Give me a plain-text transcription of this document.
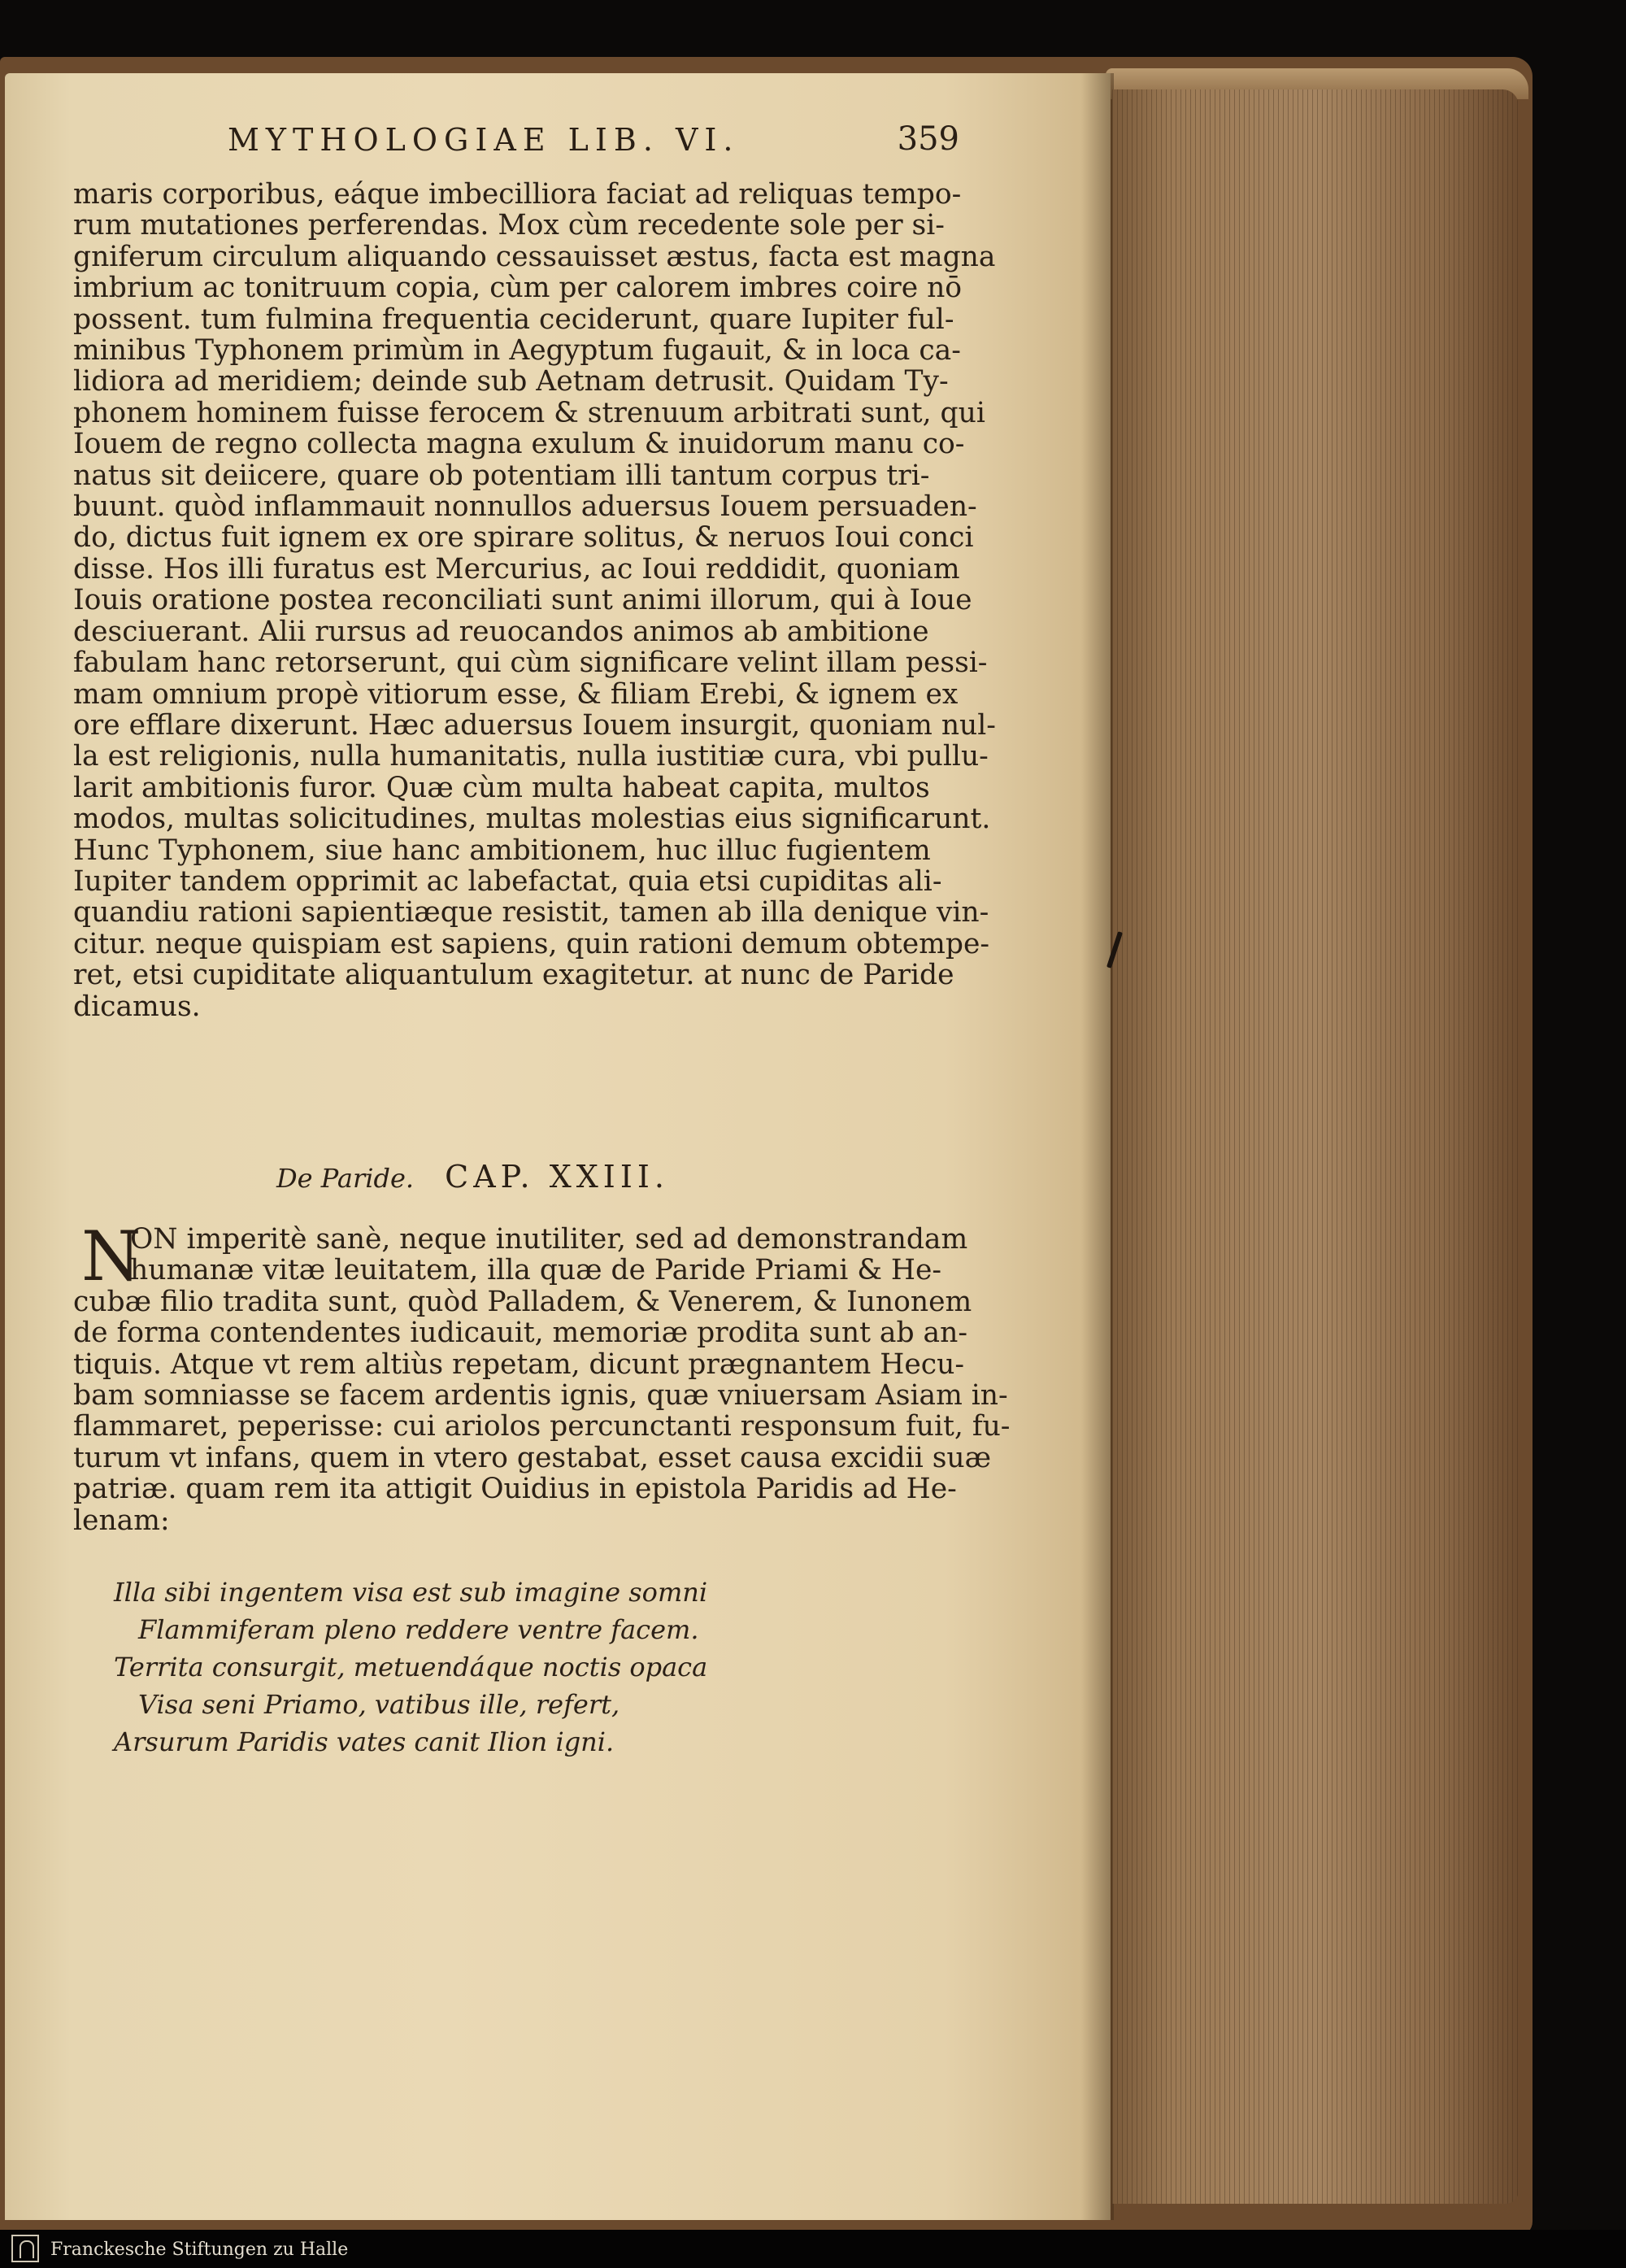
MYTHOLOGIAE LIB. VI.	359
maris corporibus, eáque imbecilliora faciat ad reliquas tempo-
rum mutationes perferendas. Mox cùm recedente sole per si-
gniferum circulum aliquando cessauisset æstus, facta est magna
imbrium ac tonitruum copia, cùm per calorem imbres coire nō
possent. tum fulmina frequentia ceciderunt, quare Iupiter ful-
minibus Typhonem primùm in Aegyptum fugauit, & in loca ca-
lidiora ad meridiem; deinde sub Aetnam detrusit. Quidam Ty-
phonem hominem fuisse ferocem & strenuum arbitrati sunt, qui
Iouem de regno collecta magna exulum & inuidorum manu co-
natus sit deiicere, quare ob potentiam illi tantum corpus tri-
buunt. quòd inflammauit nonnullos aduersus Iouem persuaden-
do, dictus fuit ignem ex ore spirare solitus, & neruos Ioui conci
disse. Hos illi furatus est Mercurius, ac Ioui reddidit, quoniam
Iouis oratione postea reconciliati sunt animi illorum, qui à Ioue
desciuerant. Alii rursus ad reuocandos animos ab ambitione
fabulam hanc retorserunt, qui cùm significare velint illam pessi-
mam omnium propè vitiorum esse, & filiam Erebi, & ignem ex
ore efflare dixerunt. Hæc aduersus Iouem insurgit, quoniam nul-
la est religionis, nulla humanitatis, nulla iustitiæ cura, vbi pullu-
larit ambitionis furor. Quæ cùm multa habeat capita, multos
modos, multas solicitudines, multas molestias eius significarunt.
Hunc Typhonem, siue hanc ambitionem, huc illuc fugientem
Iupiter tandem opprimit ac labefactat, quia etsi cupiditas ali-
quandiu rationi sapientiæque resistit, tamen ab illa denique vin-
citur. neque quispiam est sapiens, quin rationi demum obtempe-
ret, etsi cupiditate aliquantulum exagitetur. at nunc de Paride
dicamus.
De Paride. CAP. XXIII.
N
ON imperitè sanè, neque inutiliter, sed ad demonstrandam
humanæ vitæ leuitatem, illa quæ de Paride Priami & He-
cubæ filio tradita sunt, quòd Palladem, & Venerem, & Iunonem
de forma contendentes iudicauit, memoriæ prodita sunt ab an-
tiquis. Atque vt rem altiùs repetam, dicunt prægnantem Hecu-
bam somniasse se facem ardentis ignis, quæ vniuersam Asiam in-
flammaret, peperisse: cui ariolos percunctanti responsum fuit, fu-
turum vt infans, quem in vtero gestabat, esset causa excidii suæ
patriæ. quam rem ita attigit Ouidius in epistola Paridis ad He-
lenam:
Illa sibi ingentem visa est sub imagine somni
Flammiferam pleno reddere ventre facem.
Territa consurgit, metuendáque noctis opaca
Visa seni Priamo, vatibus ille, refert,
Arsurum Paridis vates canit Ilion igni.
Franckesche Stiftungen zu Halle
